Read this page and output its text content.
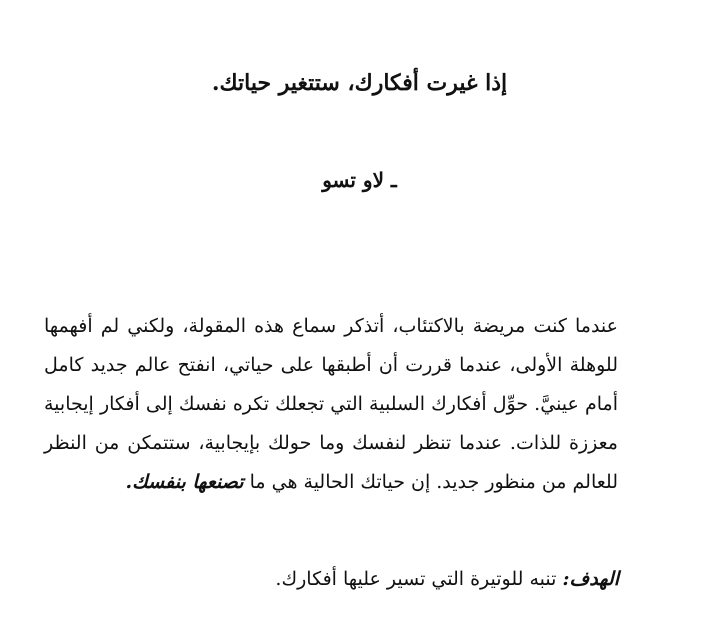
إذا غيرت أفكارك، ستتغير حياتك.
ـ لاو تسو
عندما كنت مريضة بالاكتئاب، أتذكر سماع هذه المقولة، ولكني لم أفهمها
للوهلة الأولى، عندما قررت أن أطبقها على حياتي، انفتح عالم جديد كامل
أمام عينيَّ. حوِّل أفكارك السلبية التي تجعلك تكره نفسك إلى أفكار إيجابية
معززة للذات. عندما تنظر لنفسك وما حولك بإيجابية، ستتمكن من النظر
للعالم من منظور جديد. إن حياتك الحالية هي ما تصنعها بنفسك.
الهدف: تنبه للوتيرة التي تسير عليها أفكارك.
